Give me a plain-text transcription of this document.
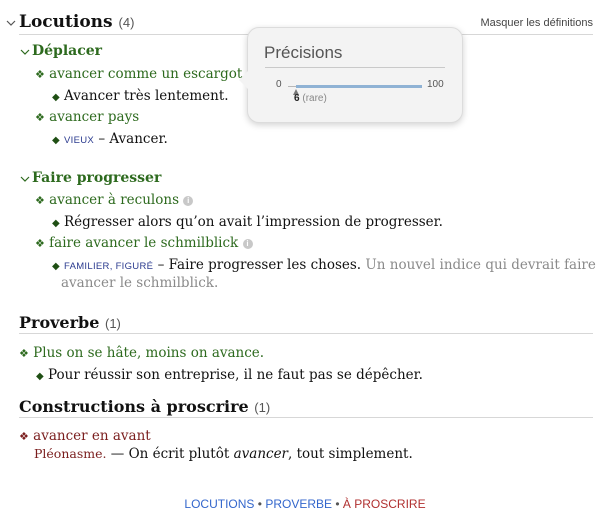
Locutions (4)	Masquer les définitions
Déplacer
❖ avancer comme un escargot
◆ Avancer très lentement.
❖ avancer pays
◆ VIEUX – Avancer.
Faire progresser
❖ avancer à reculons i
◆ Régresser alors qu’on avait l’impression de progresser.
❖ faire avancer le schmilblick i
◆ FAMILIER, FIGURÉ – Faire progresser les choses. Un nouvel indice qui devrait faire
avancer le schmilblick.
Proverbe (1)
❖ Plus on se hâte, moins on avance.
◆ Pour réussir son entreprise, il ne faut pas se dépêcher.
Constructions à proscrire (1)
❖ avancer en avant
Pléonasme. — On écrit plutôt avancer, tout simplement.
LOCUTIONS • PROVERBE • À PROSCRIRE
Précisions
0	100
6 (rare)
